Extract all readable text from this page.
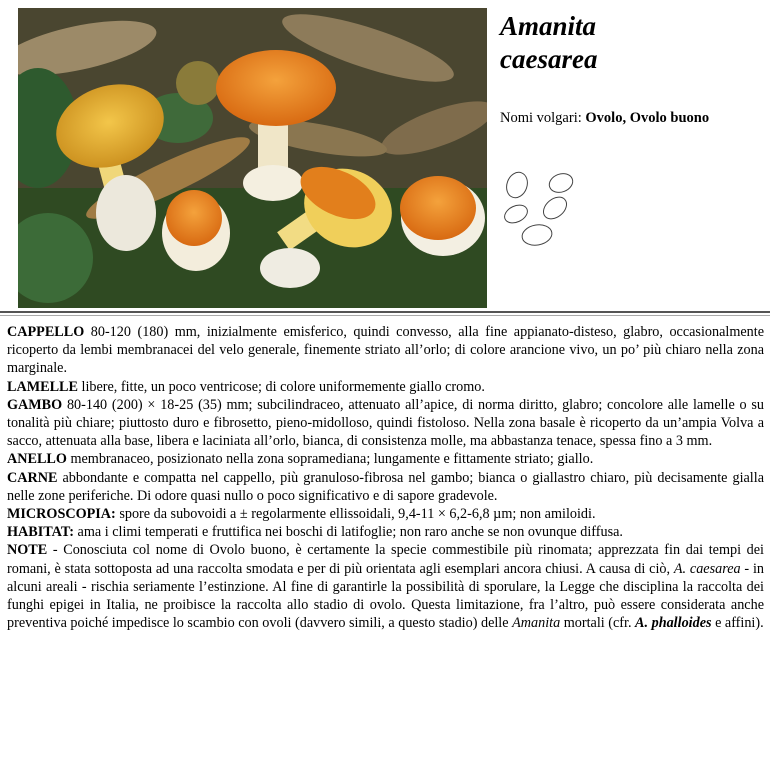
Amanita
caesarea
Nomi volgari: Ovolo, Ovolo buono

CAPPELLO 80-120 (180) mm, inizialmente emisferico, quindi convesso, alla fine appianato-disteso, glabro, occasionalmente ricoperto da lembi membranacei del velo generale, finemente striato all’orlo; di colore arancione vivo, un po’ più chiaro nella zona marginale.

LAMELLE libere, fitte, un poco ventricose; di colore uniformemente giallo cromo.

GAMBO 80-140 (200) × 18-25 (35) mm; subcilindraceo, attenuato all’apice, di norma diritto, glabro; concolore alle lamelle o su tonalità più chiare; piuttosto duro e fibrosetto, pieno-midolloso, quindi fistoloso. Nella zona basale è ricoperto da un’ampia Volva a sacco, attenuata alla base, libera e laciniata all’orlo, bianca, di consistenza molle, ma abbastanza tenace, spessa fino a 3 mm.

ANELLO membranaceo, posizionato nella zona sopramediana; lungamente e fittamente striato; giallo.

CARNE abbondante e compatta nel cappello, più granuloso-fibrosa nel gambo; bianca o giallastro chiaro, più decisamente gialla nelle zone periferiche. Di odore quasi nullo o poco significativo e di sapore gradevole.

MICROSCOPIA: spore da subovoidi a ± regolarmente ellissoidali, 9,4-11 × 6,2-6,8 µm; non amiloidi.

HABITAT: ama i climi temperati e fruttifica nei boschi di latifoglie; non raro anche se non ovunque diffusa.

NOTE - Conosciuta col nome di Ovolo buono, è certamente la specie commestibile più rinomata; apprezzata fin dai tempi dei romani, è stata sottoposta ad una raccolta smodata e per di più orientata agli esemplari ancora chiusi. A causa di ciò, A. caesarea - in alcuni areali - rischia seriamente l’estinzione. Al fine di garantirle la possibilità di sporulare, la Legge che disciplina la raccolta dei funghi epigei in Italia, ne proibisce la raccolta allo stadio di ovolo. Questa limitazione, fra l’altro, può essere considerata anche preventiva poiché impedisce lo scambio con ovoli (davvero simili, a questo stadio) delle Amanita mortali (cfr. A. phalloides e affini).
